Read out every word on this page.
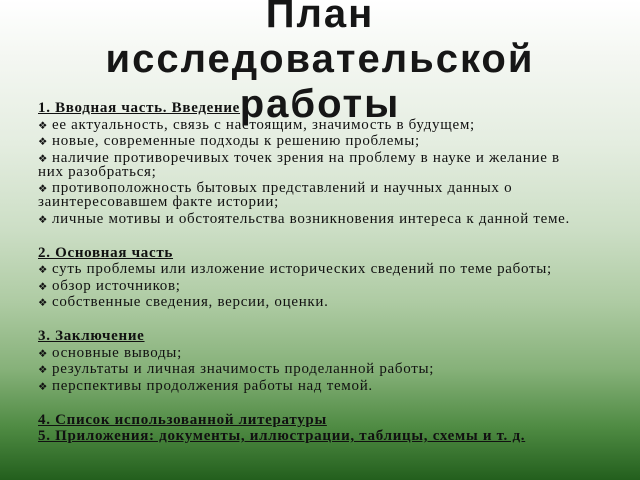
1. Вводная часть. Введение
❖ее актуальность, связь с настоящим, значимость в будущем;
❖новые, современные подходы к решению проблемы;
❖наличие противоречивых точек зрения на проблему в науке и желание в
них разобраться;
❖противоположность бытовых представлений и научных данных о
заинтересовавшем факте истории;
❖личные мотивы и обстоятельства возникновения интереса к данной теме.
2. Основная часть
❖суть проблемы или изложение исторических сведений по теме работы;
❖обзор источников;
❖собственные сведения, версии, оценки.
3. Заключение
❖основные выводы;
❖результаты и личная значимость проделанной работы;
❖перспективы продолжения работы над темой.
4. Список использованной литературы
5. Приложения: документы, иллюстрации, таблицы, схемы и т. д.
План
исследовательской
работы
